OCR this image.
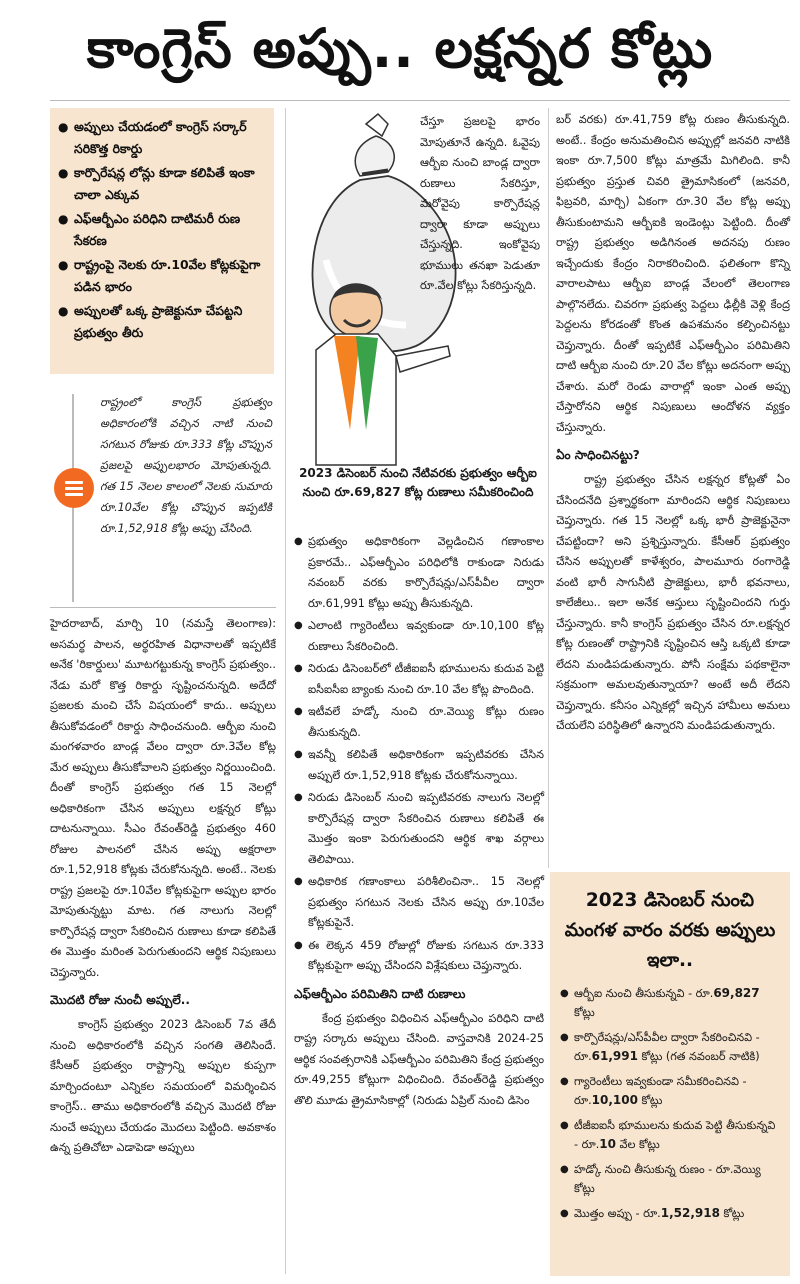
కాంగ్రెస్ అప్పు.. లక్షన్నర కోట్లు
● అప్పులు చేయడంలో కాంగ్రెస్ సర్కార్ సరికొత్త రికార్డు
● కార్పొరేషన్ల లోన్లు కూడా కలిపితే ఇంకా చాలా ఎక్కువ
● ఎఫ్ఆర్బీఎం పరిధిని దాటిమరీ రుణ సేకరణ
● రాష్ట్రంపై నెలకు రూ.10వేల కోట్లకుపైగా పడిన భారం
● అప్పులతో ఒక్క ప్రాజెక్టునూ చేపట్టని ప్రభుత్వం తీరు
రాష్ట్రంలో కాంగ్రెస్ ప్రభుత్వం అధికారంలోకి వచ్చిన నాటి నుంచి సగటున రోజుకు రూ.333 కోట్ల చొప్పున ప్రజలపై అప్పులభారం మోపుతున్నది. గత 15 నెలల కాలంలో నెలకు సుమారు రూ.10వేల కోట్ల చొప్పున ఇప్పటికి రూ.1,52,918 కోట్ల అప్పు చేసింది.

హైదరాబాద్, మార్చి 10 (నమస్తే తెలంగాణ): అసమర్థ పాలన, అర్థరహిత విధానాలతో ఇప్పటికే అనేక 'రికార్డులు' మూటగట్టుకున్న కాంగ్రెస్ ప్రభుత్వం.. నేడు మరో కొత్త రికార్డు సృష్టించనున్నది. అదేదో ప్రజలకు మంచి చేసే విషయంలో కాదు.. అప్పులు తీసుకోవడంలో రికార్డు సాధించనుంది. ఆర్బీఐ నుంచి మంగళవారం బాండ్ల వేలం ద్వారా రూ.3వేల కోట్ల మేర అప్పులు తీసుకోవాలని ప్రభుత్వం నిర్ణయించింది. దీంతో కాంగ్రెస్ ప్రభుత్వం గత 15 నెలల్లో అధికారికంగా చేసిన అప్పులు లక్షన్నర కోట్లు దాటనున్నాయి. సీఎం రేవంత్‌రెడ్డి ప్రభుత్వం 460 రోజుల పాలనలో చేసిన అప్పు అక్షరాలా రూ.1,52,918 కోట్లకు చేరుకోనున్నది. అంటే.. నెలకు రాష్ట్ర ప్రజలపై రూ.10వేల కోట్లకుపైగా అప్పుల భారం మోపుతున్నట్టు మాట. గత నాలుగు నెలల్లో కార్పొరేషన్ల ద్వారా సేకరించిన రుణాలు కూడా కలిపితే ఈ మొత్తం మరింత పెరుగుతుందని ఆర్థిక నిపుణులు చెప్తున్నారు.

మొదటి రోజు నుంచీ అప్పులే..

కాంగ్రెస్ ప్రభుత్వం 2023 డిసెంబర్ 7వ తేదీ నుంచి అధికారంలోకి వచ్చిన సంగతి తెలిసిందే. కేసీఆర్ ప్రభుత్వం రాష్ట్రాన్ని అప్పుల కుప్పగా మార్చిందంటూ ఎన్నికల సమయంలో విమర్శించిన కాంగ్రెస్.. తాము అధికారంలోకి వచ్చిన మొదటి రోజు నుంచే అప్పులు చేయడం మొదలు పెట్టింది. అవకాశం ఉన్న ప్రతిచోటా ఎడాపెడా అప్పులు

చేస్తూ ప్రజలపై భారం మోపుతూనే ఉన్నది. ఓవైపు ఆర్బీఐ నుంచి బాండ్ల ద్వారా రుణాలు సేకరిస్తూ, మరోవైపు కార్పొరేషన్ల ద్వారా కూడా అప్పులు చేస్తున్నది. ఇంకోవైపు భూములు తనఖా పెడుతూ రూ.వేల కోట్లు సేకరిస్తున్నది.

2023 డిసెంబర్ నుంచి నేటివరకు ప్రభుత్వం ఆర్బీఐ నుంచి రూ.69,827 కోట్ల రుణాలు సమీకరించింది
● ప్రభుత్వం అధికారికంగా వెల్లడించిన గణాంకాల ప్రకారమే.. ఎఫ్ఆర్బీఎం పరిధిలోకి రాకుండా నిరుడు నవంబర్ వరకు కార్పొరేషన్లు/ఎస్‌పీవీల ద్వారా రూ.61,991 కోట్లు అప్పు తీసుకున్నది.
● ఎలాంటి గ్యారెంటీలు ఇవ్వకుండా రూ.10,100 కోట్ల రుణాలు సేకరించింది.
● నిరుడు డిసెంబర్‌లో టీజీఐఐసీ భూములను కుదువ పెట్టి ఐసీఐసీఐ బ్యాంకు నుంచి రూ.10 వేల కోట్ల పొందింది.
● ఇటీవలే హడ్కో నుంచి రూ.వెయ్యి కోట్లు రుణం తీసుకున్నది.
● ఇవన్నీ కలిపితే అధికారికంగా ఇప్పటివరకు చేసిన అప్పులే రూ.1,52,918 కోట్లకు చేరుకోనున్నాయి.
● నిరుడు డిసెంబర్ నుంచి ఇప్పటివరకు నాలుగు నెలల్లో కార్పొరేషన్ల ద్వారా సేకరించిన రుణాలు కలిపితే ఈ మొత్తం ఇంకా పెరుగుతుందని ఆర్థిక శాఖ వర్గాలు తెలిపాయి.
● అధికారిక గణాంకాలు పరిశీలించినా.. 15 నెలల్లో ప్రభుత్వం సగటున నెలకు చేసిన అప్పు రూ.10వేల కోట్లకుపైనే.
● ఈ లెక్కన 459 రోజుల్లో రోజుకు సగటున రూ.333 కోట్లకుపైగా అప్పు చేసిందని విశ్లేషకులు చెప్తున్నారు.
ఎఫ్ఆర్బీఎం పరిమితిని దాటి రుణాలు

కేంద్ర ప్రభుత్వం విధించిన ఎఫ్ఆర్బీఎం పరిధిని దాటి రాష్ట్ర సర్కారు అప్పులు చేసింది. వాస్తవానికి 2024-25 ఆర్థిక సంవత్సరానికి ఎఫ్ఆర్బీఎం పరిమితిని కేంద్ర ప్రభుత్వం రూ.49,255 కోట్లుగా విధించింది. రేవంత్‌రెడ్డి ప్రభుత్వం తొలి మూడు త్రైమాసికాల్లో (నిరుడు ఏప్రిల్ నుంచి డిసెం

బర్ వరకు) రూ.41,759 కోట్ల రుణం తీసుకున్నది. అంటే.. కేంద్రం అనుమతించిన అప్పుల్లో జనవరి నాటికి ఇంకా రూ.7,500 కోట్లు మాత్రమే మిగిలింది. కానీ ప్రభుత్వం ప్రస్తుత చివరి త్రైమాసికంలో (జనవరి, ఫిబ్రవరి, మార్చి) ఏకంగా రూ.30 వేల కోట్ల అప్పు తీసుకుంటామని ఆర్బీఐకి ఇండెంట్లు పెట్టింది. దీంతో రాష్ట్ర ప్రభుత్వం అడిగినంత అదనపు రుణం ఇచ్చేందుకు కేంద్రం నిరాకరించింది. ఫలితంగా కొన్ని వారాలపాటు ఆర్బీఐ బాండ్ల వేలంలో తెలంగాణ పాల్గొనలేదు. చివరగా ప్రభుత్వ పెద్దలు ఢిల్లీకి వెళ్లి కేంద్ర పెద్దలను కోరడంతో కొంత ఉపశమనం కల్పించినట్టు చెప్తున్నారు. దీంతో ఇప్పటికే ఎఫ్ఆర్బీఎం పరిమితిని దాటి ఆర్బీఐ నుంచి రూ.20 వేల కోట్లు అదనంగా అప్పు చేశారు. మరో రెండు వారాల్లో ఇంకా ఎంత అప్పు చేస్తారోనని ఆర్థిక నిపుణులు ఆందోళన వ్యక్తం చేస్తున్నారు.

ఏం సాధించినట్టు?

రాష్ట్ర ప్రభుత్వం చేసిన లక్షన్నర కోట్లతో ఏం చేసిందనేది ప్రశ్నార్థకంగా మారిందని ఆర్థిక నిపుణులు చెప్తున్నారు. గత 15 నెలల్లో ఒక్క భారీ ప్రాజెక్టునైనా చేపట్టిందా? అని ప్రశ్నిస్తున్నారు. కేసీఆర్ ప్రభుత్వం చేసిన అప్పులతో కాళేశ్వరం, పాలమూరు రంగారెడ్డి వంటి భారీ సాగునీటి ప్రాజెక్టులు, భారీ భవనాలు, కాలేజీలు.. ఇలా అనేక ఆస్తులు సృష్టించిందని గుర్తు చేస్తున్నారు. కానీ కాంగ్రెస్ ప్రభుత్వం చేసిన రూ.లక్షన్నర కోట్ల రుణంతో రాష్ట్రానికి సృష్టించిన ఆస్తి ఒక్కటి కూడా లేదని మండిపడుతున్నారు. పోనీ సంక్షేమ పథకాలైనా సక్రమంగా అమలవుతున్నాయా? అంటే అదీ లేదని చెప్తున్నారు. కనీసం ఎన్నికల్లో ఇచ్చిన హామీలు అమలు చేయలేని పరిస్థితిలో ఉన్నారని మండిపడుతున్నారు.

2023 డిసెంబర్ నుంచి మంగళ వారం వరకు అప్పులు ఇలా..
● ఆర్బీఐ నుంచి తీసుకున్నవి - రూ.69,827 కోట్లు
● కార్పొరేషన్లు/ఎస్‌పీవీల ద్వారా సేకరించినవి - రూ.61,991 కోట్లు (గత నవంబర్ నాటికి)
● గ్యారెంటీలు ఇవ్వకుండా సమీకరించినవి - రూ.10,100 కోట్లు
● టీజీఐఐసీ భూములను కుదువ పెట్టి తీసుకున్నవి - రూ.10 వేల కోట్లు
● హడ్కో నుంచి తీసుకున్న రుణం - రూ.వెయ్యి కోట్లు
● మొత్తం అప్పు - రూ.1,52,918 కోట్లు
